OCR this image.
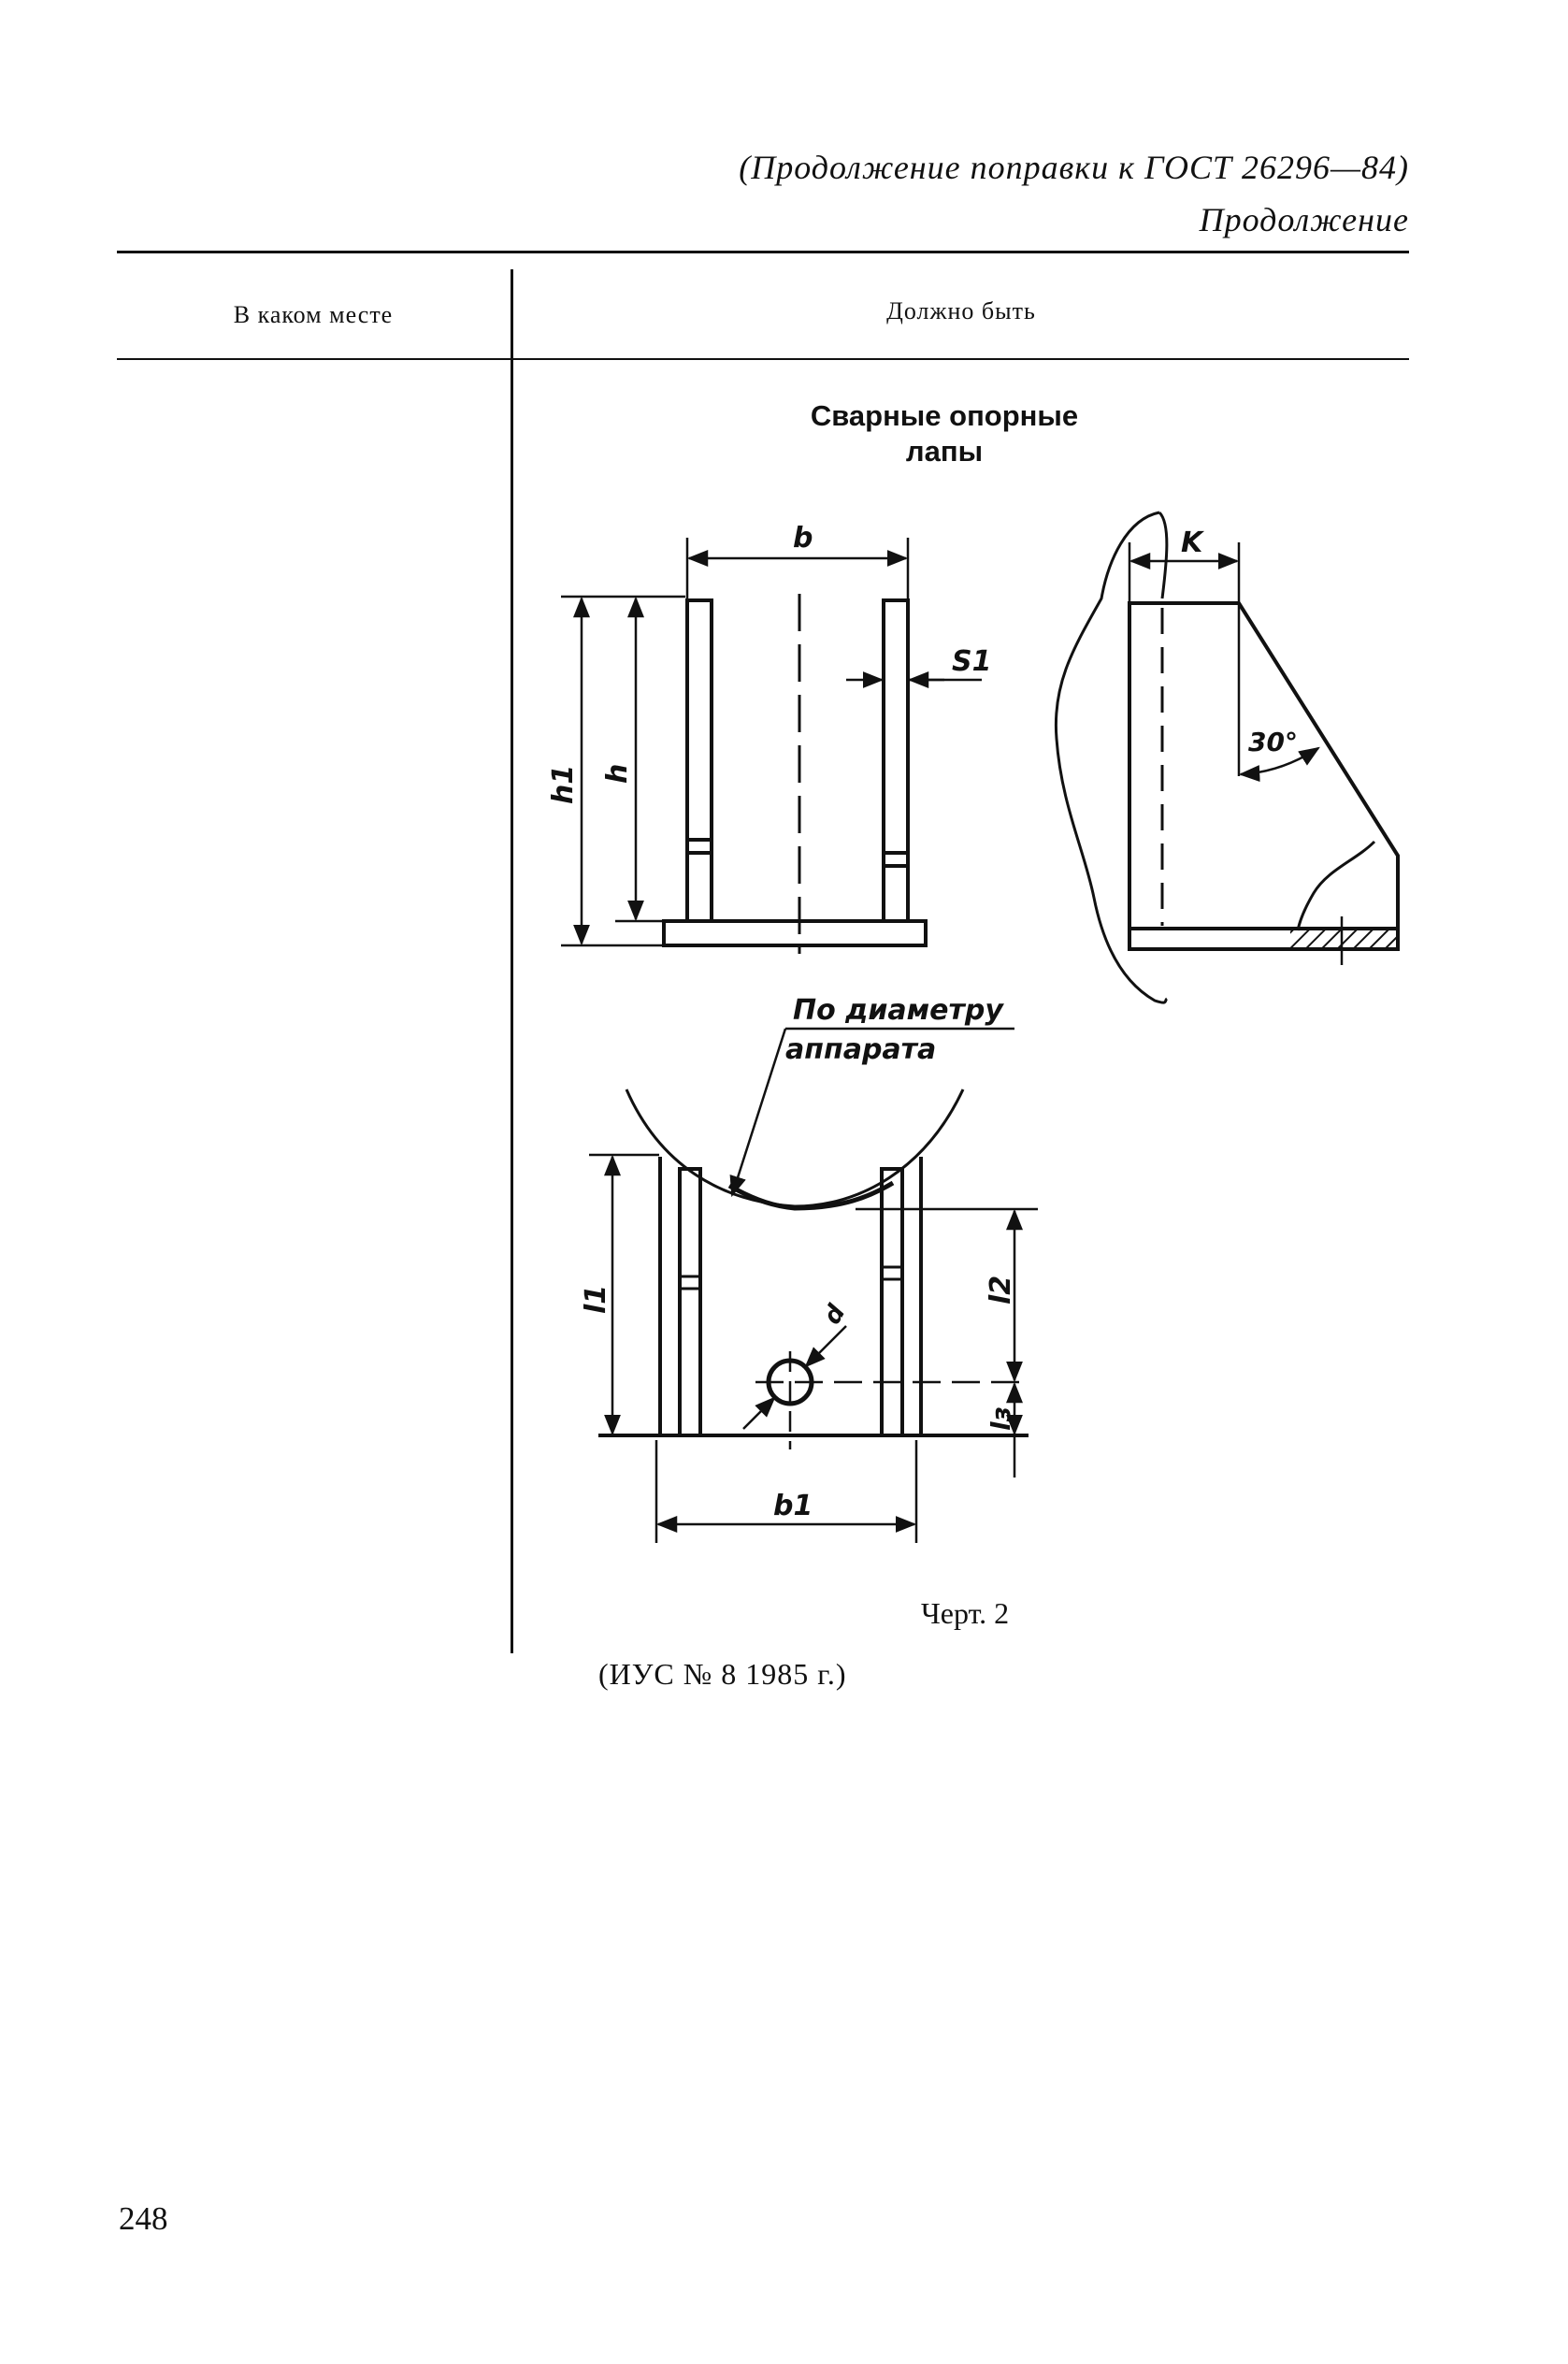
(Продолжение поправки к ГОСТ 26296—84)
Продолжение
В каком месте	Должно быть
Сварные опорные
лапы
b
S1
h1 h
K
30°
По диаметру
аппарата
l1	l2
lз
d
b1
Черт. 2
(ИУС № 8 1985 г.)
248
